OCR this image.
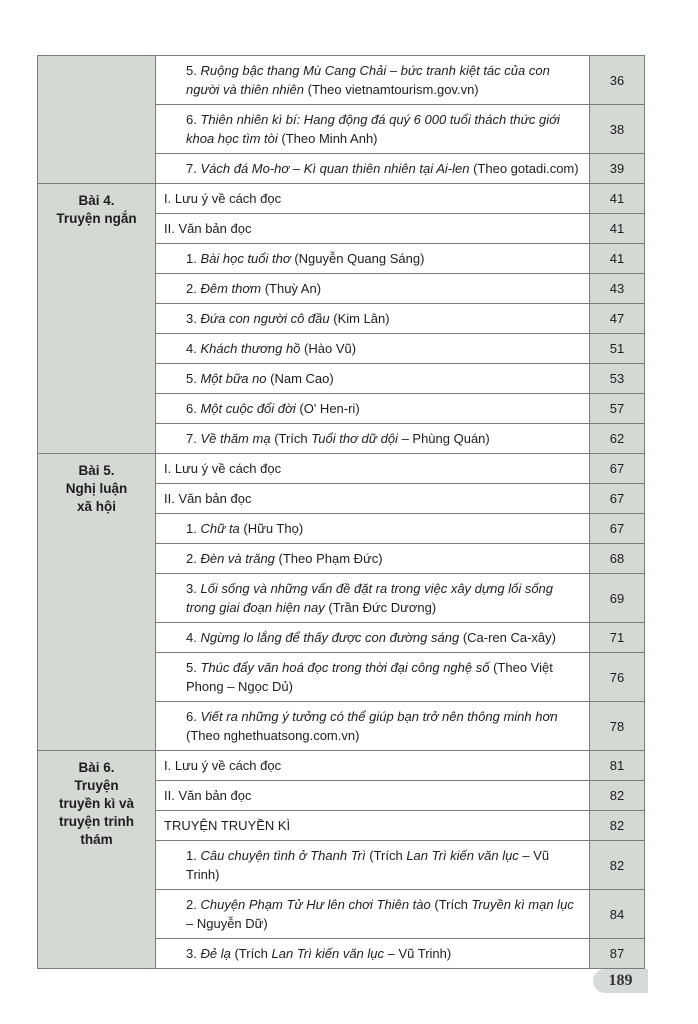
	5. Ruộng bậc thang Mù Cang Chải – bức tranh kiệt tác của con người và thiên nhiên (Theo vietnamtourism.gov.vn)	36
	6. Thiên nhiên kì bí: Hang động đá quý 6 000 tuổi thách thức giới khoa học tìm tòi (Theo Minh Anh)	38
	7. Vách đá Mo-hơ – Kì quan thiên nhiên tại Ai-len (Theo gotadi.com)	39

Bài 4.
Truyện ngắn	I. Lưu ý về cách đọc	41
	II. Văn bản đọc	41
	1. Bài học tuổi thơ (Nguyễn Quang Sáng)	41
	2. Đêm thơm (Thuỳ An)	43
	3. Đứa con người cô đầu (Kim Lân)	47
	4. Khách thương hồ (Hào Vũ)	51
	5. Một bữa no (Nam Cao)	53
	6. Một cuộc đổi đời (O' Hen-ri)	57
	7. Về thăm mạ (Trích Tuổi thơ dữ dội – Phùng Quán)	62

Bài 5.
Nghị luận
xã hội	I. Lưu ý về cách đọc	67
	II. Văn bản đọc	67
	1. Chữ ta (Hữu Thọ)	67
	2. Đèn và trăng (Theo Phạm Đức)	68
	3. Lối sống và những vấn đề đặt ra trong việc xây dựng lối sống trong giai đoạn hiện nay (Trần Đức Dương)	69
	4. Ngừng lo lắng để thấy được con đường sáng (Ca-ren Ca-xây)	71
	5. Thúc đẩy văn hoá đọc trong thời đại công nghệ số (Theo Việt Phong – Ngọc Dủ)	76
	6. Viết ra những ý tưởng có thể giúp bạn trở nên thông minh hơn (Theo nghethuatsong.com.vn)	78

Bài 6.
Truyện
truyền kì và
truyện trinh
thám	I. Lưu ý về cách đọc	81
	II. Văn bản đọc	82
	TRUYỆN TRUYỀN KÌ	82
	1. Câu chuyện tình ở Thanh Trì (Trích Lan Trì kiến văn lục – Vũ Trinh)	82
	2. Chuyện Phạm Tử Hư lên chơi Thiên tào (Trích Truyền kì mạn lục – Nguyễn Dữ)	84
	3. Đẻ lạ (Trích Lan Trì kiến văn lục – Vũ Trinh)	87
189
